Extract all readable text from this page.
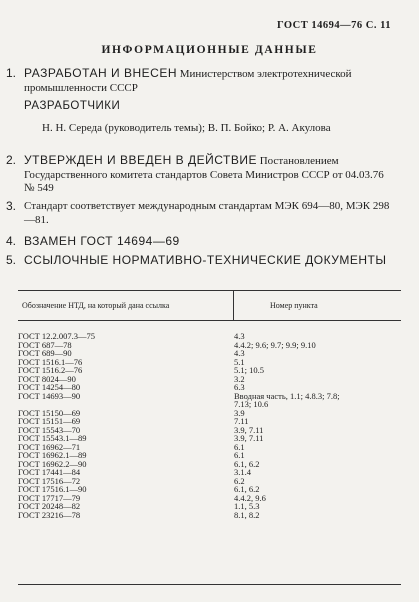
ГОСТ 14694—76 С. 11
ИНФОРМАЦИОННЫЕ ДАННЫЕ
1. РАЗРАБОТАН И ВНЕСЕН Министерством электротехнической промышленности СССР
РАЗРАБОТЧИКИ
Н. Н. Середа (руководитель темы); В. П. Бойко; Р. А. Акулова
2. УТВЕРЖДЕН И ВВЕДЕН В ДЕЙСТВИЕ Постановлением Государственного комитета стандартов Совета Министров СССР от 04.03.76 № 549
3. Стандарт соответствует международным стандартам МЭК 694—80, МЭК 298—81.
4. ВЗАМЕН ГОСТ 14694—69
5. ССЫЛОЧНЫЕ НОРМАТИВНО-ТЕХНИЧЕСКИЕ ДОКУМЕНТЫ
Обозначение НТД, на который дана ссылка	Номер пункта
ГОСТ 12.2.007.3—75	4.3
ГОСТ 687—78	4.4.2; 9.6; 9.7; 9.9; 9.10
ГОСТ 689—90	4.3
ГОСТ 1516.1—76	5.1
ГОСТ 1516.2—76	5.1; 10.5
ГОСТ 8024—90	3.2
ГОСТ 14254—80	6.3
ГОСТ 14693—90	Вводная часть, 1.1; 4.8.3; 7.8;
7.13; 10.6
ГОСТ 15150—69	3.9
ГОСТ 15151—69	7.11
ГОСТ 15543—70	3.9, 7.11
ГОСТ 15543.1—89	3.9, 7.11
ГОСТ 16962—71	6.1
ГОСТ 16962.1—89	6.1
ГОСТ 16962.2—90	6.1, 6.2
ГОСТ 17441—84	3.1.4
ГОСТ 17516—72	6.2
ГОСТ 17516.1—90	6.1, 6.2
ГОСТ 17717—79	4.4.2, 9.6
ГОСТ 20248—82	1.1, 5.3
ГОСТ 23216—78	8.1, 8.2
